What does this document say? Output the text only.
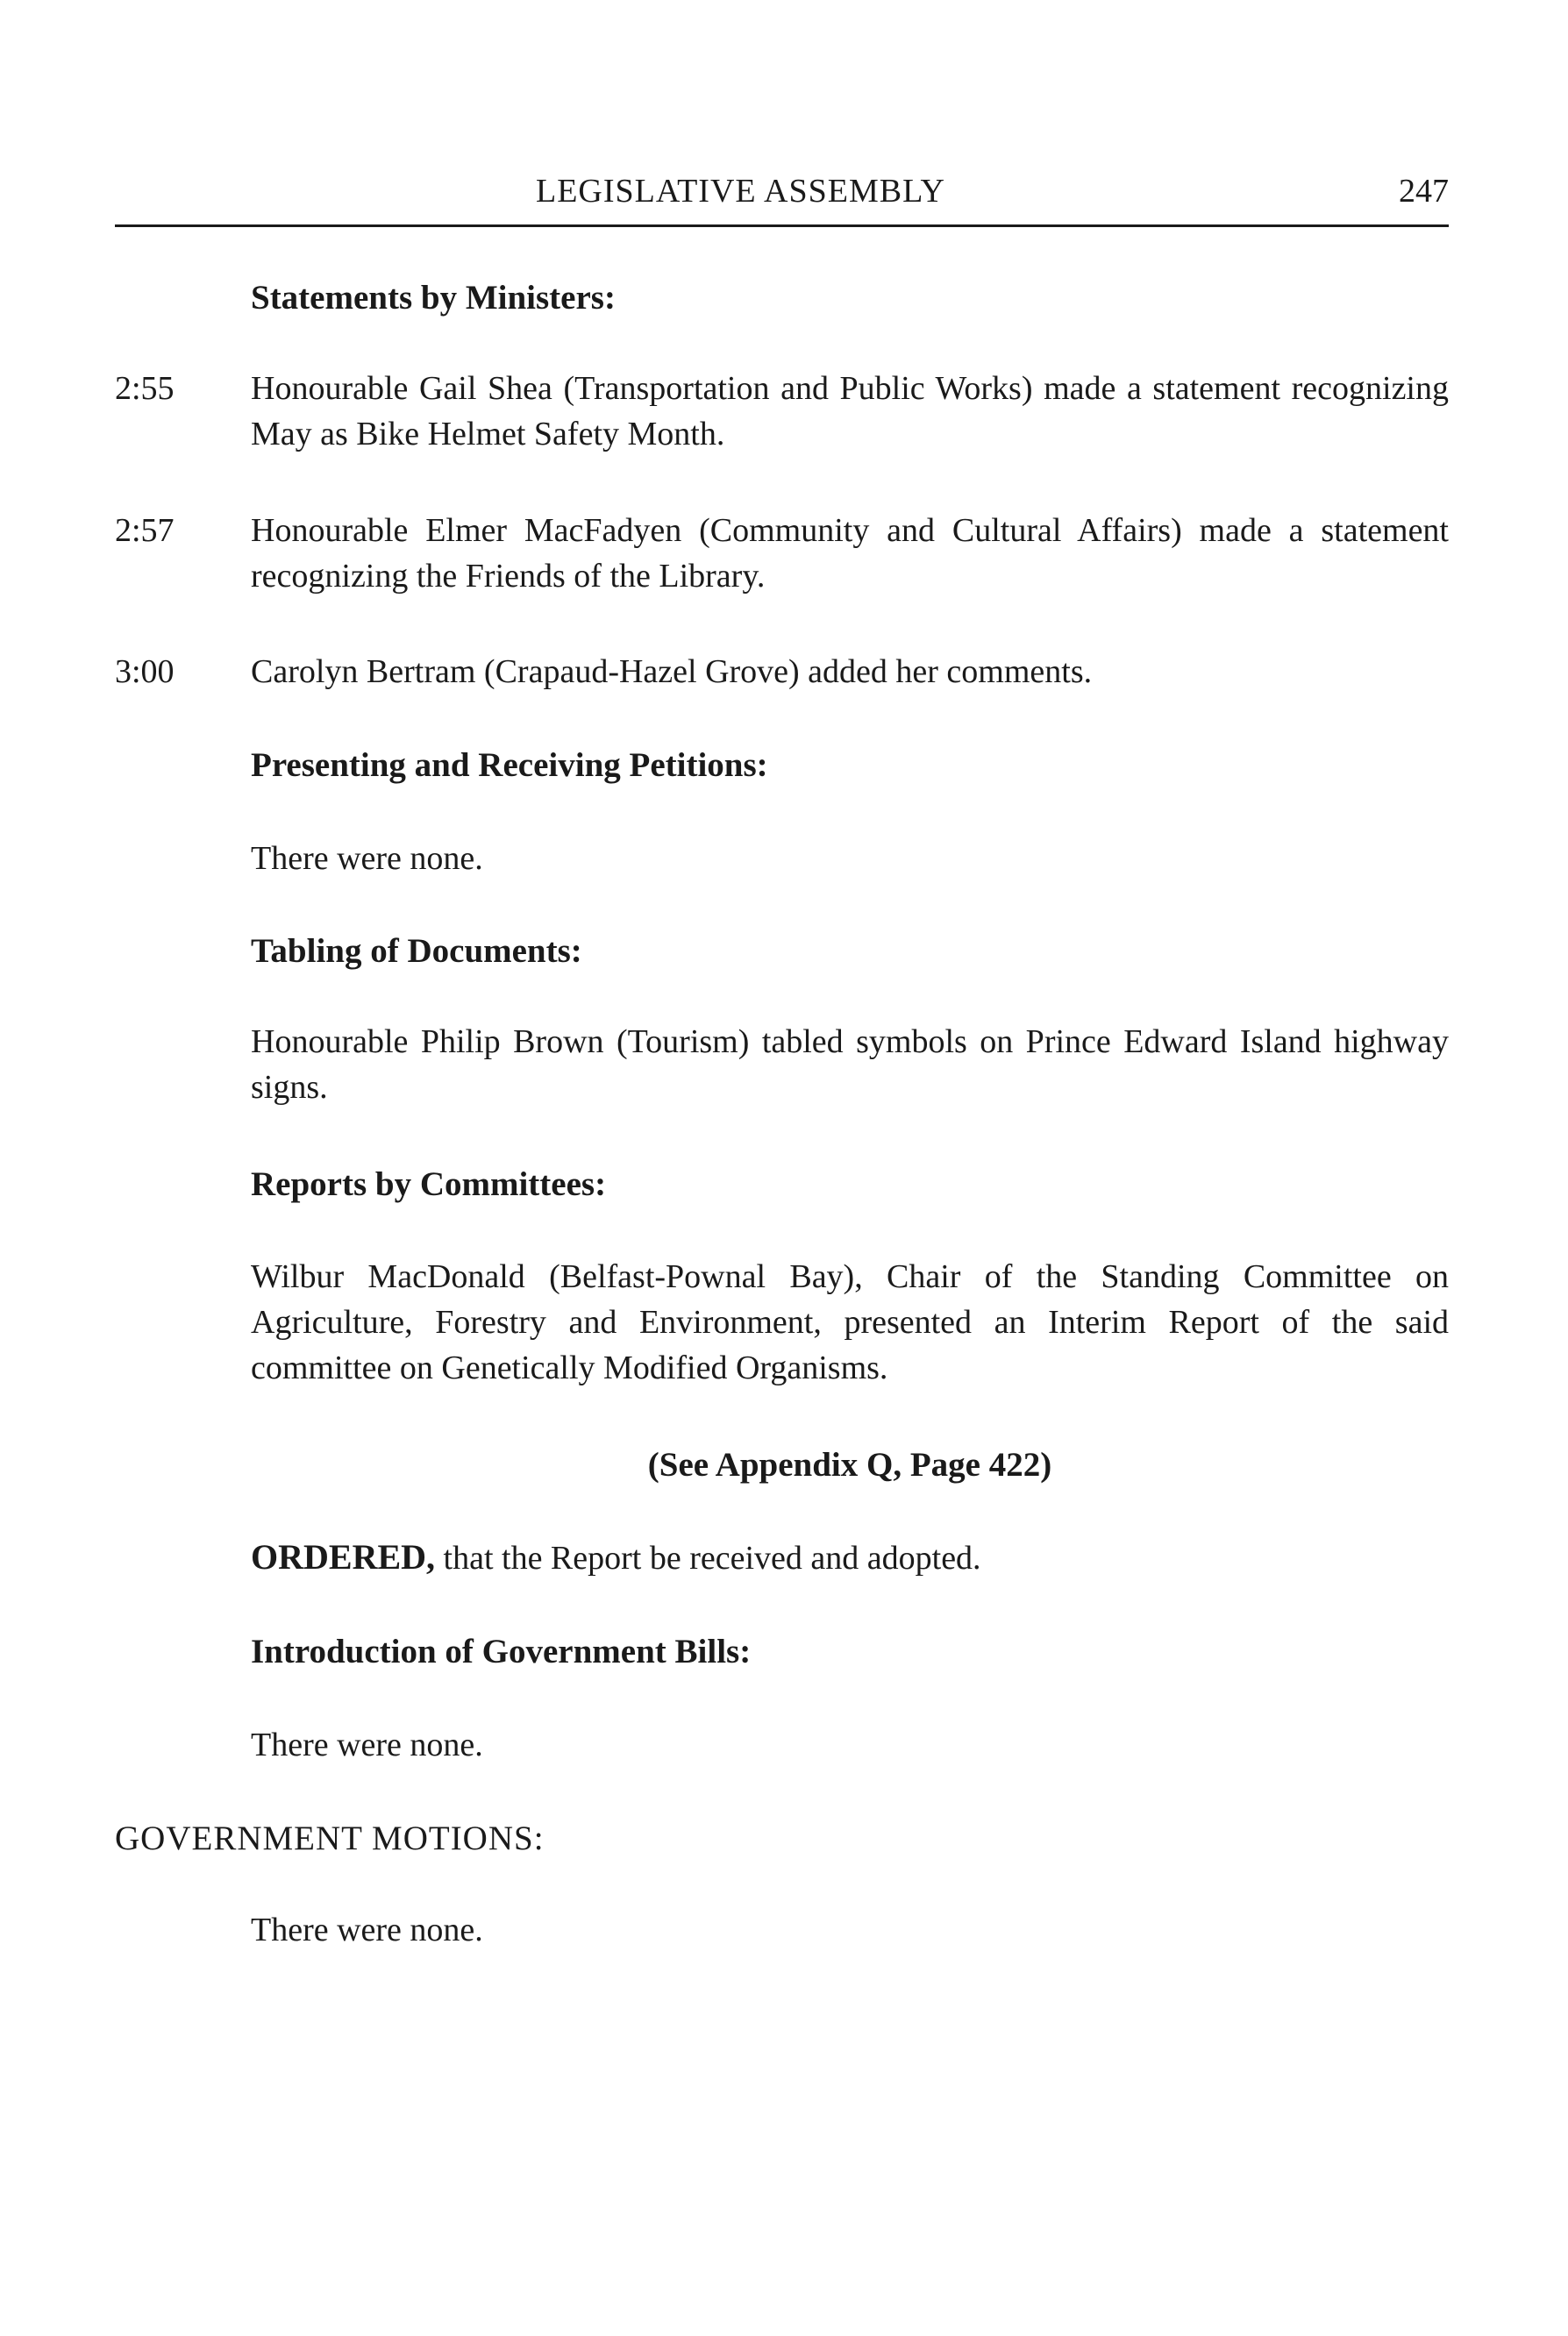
LEGISLATIVE ASSEMBLY	247
Statements by Ministers:
2:55 Honourable Gail Shea (Transportation and Public Works) made a statement recognizing May as Bike Helmet Safety Month.
2:57 Honourable Elmer MacFadyen (Community and Cultural Affairs) made a statement recognizing the Friends of the Library.
3:00 Carolyn Bertram (Crapaud-Hazel Grove) added her comments.
Presenting and Receiving Petitions:
There were none.
Tabling of Documents:
Honourable Philip Brown (Tourism) tabled symbols on Prince Edward Island highway signs.
Reports by Committees:
Wilbur MacDonald (Belfast-Pownal Bay), Chair of the Standing Committee on Agriculture, Forestry and Environment, presented an Interim Report of the said committee on Genetically Modified Organisms.
(See Appendix Q, Page 422)
ORDERED, that the Report be received and adopted.
Introduction of Government Bills:
There were none.
GOVERNMENT MOTIONS:
There were none.
